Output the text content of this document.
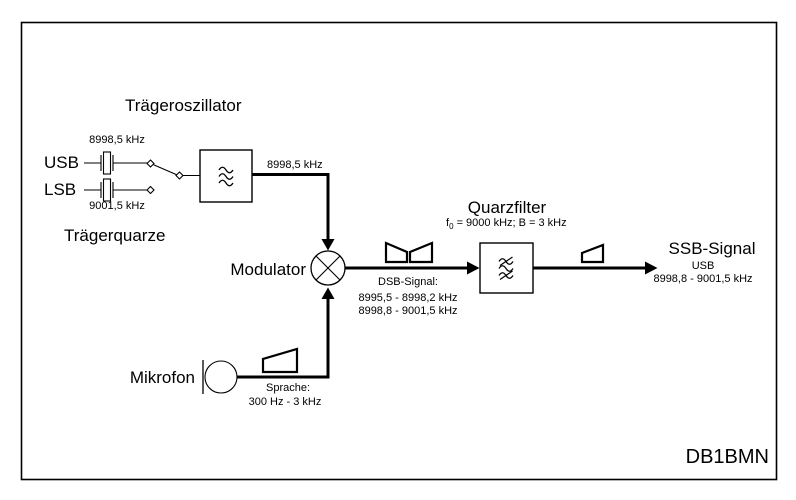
Trägeroszillator
USB
LSB
8998,5 kHz
9001,5 kHz
Trägerquarze
8998,5 kHz
Modulator
Quarzfilter
$f_0 = 9000$ kHz; B = 3 kHz
DSB-Signal:
8995,5 - 8998,2 kHz
8998,8 - 9001,5 kHz
SSB-Signal
USB
8998,8 - 9001,5 kHz
Mikrofon
Sprache:
300 Hz - 3 kHz
DB1BMN
